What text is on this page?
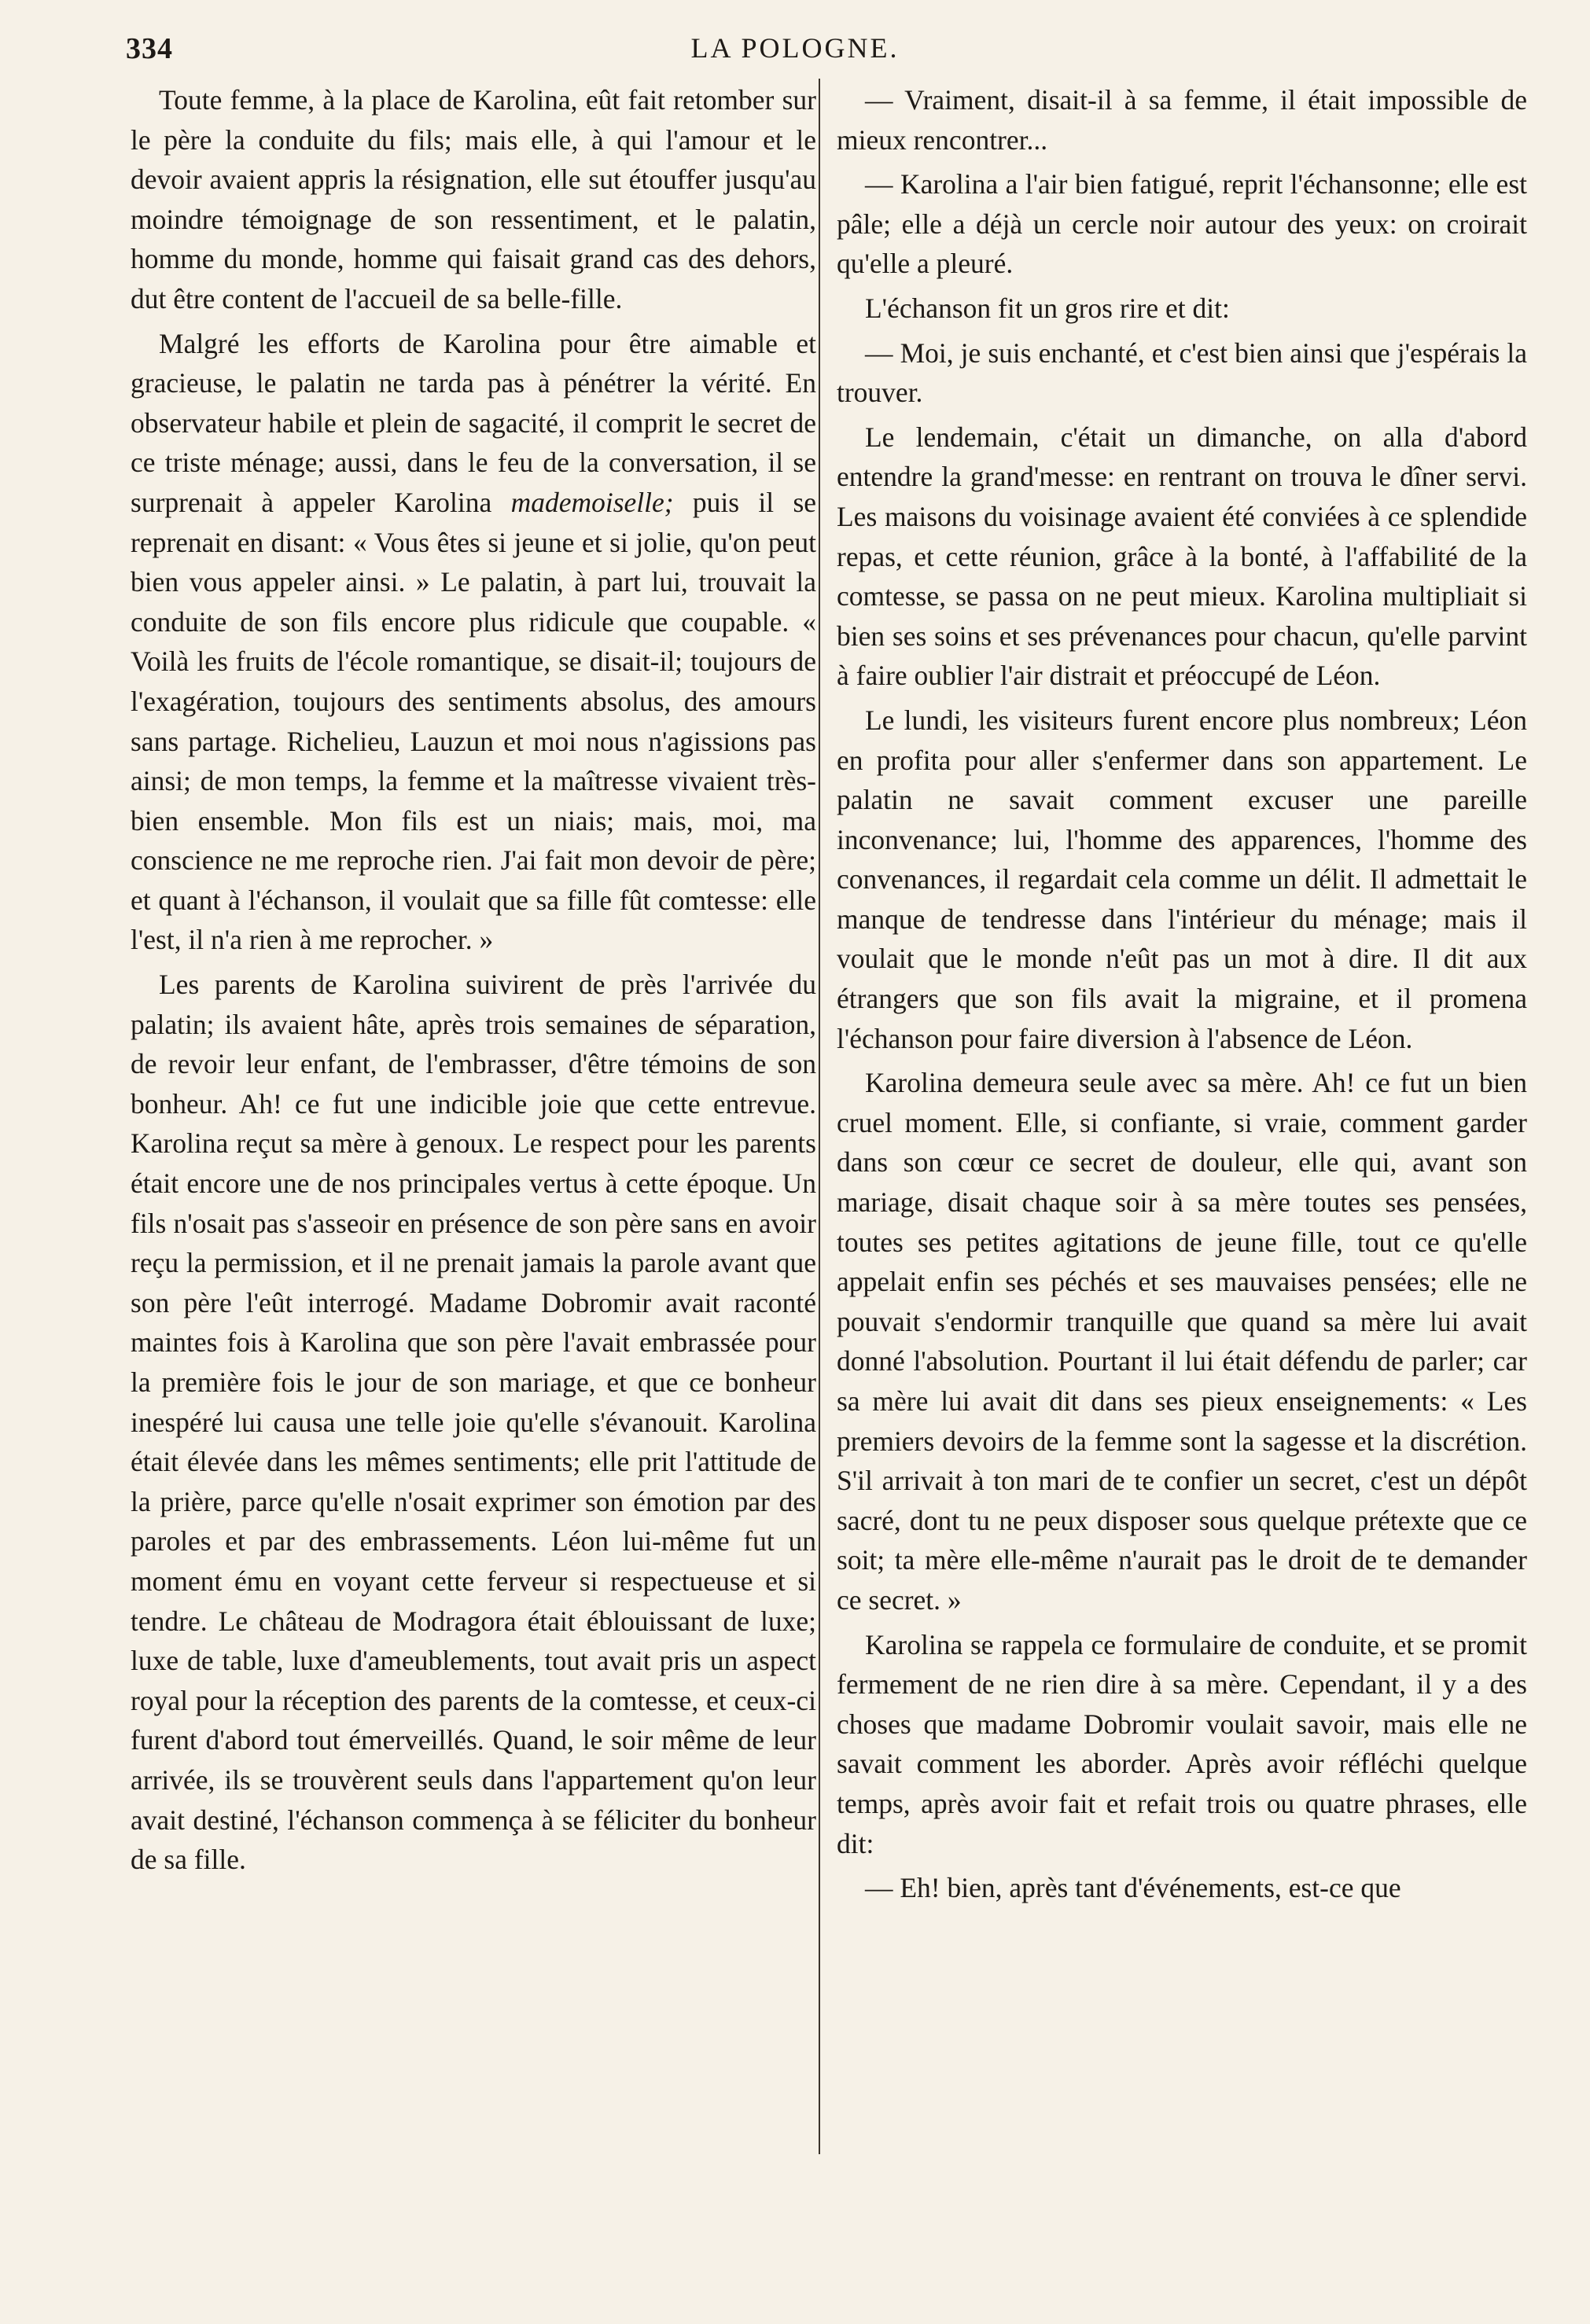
334	LA POLOGNE.

Toute femme, à la place de Karolina, eût fait retomber sur le père la conduite du fils; mais elle, à qui l'amour et le devoir avaient appris la résignation, elle sut étouffer jusqu'au moindre témoignage de son ressentiment, et le palatin, homme du monde, homme qui faisait grand cas des dehors, dut être content de l'accueil de sa belle-fille.

Malgré les efforts de Karolina pour être aimable et gracieuse, le palatin ne tarda pas à pénétrer la vérité. En observateur habile et plein de sagacité, il comprit le secret de ce triste ménage; aussi, dans le feu de la conversation, il se surprenait à appeler Karolina mademoiselle; puis il se reprenait en disant: « Vous êtes si jeune et si jolie, qu'on peut bien vous appeler ainsi. » Le palatin, à part lui, trouvait la conduite de son fils encore plus ridicule que coupable. « Voilà les fruits de l'école romantique, se disait-il; toujours de l'exagération, toujours des sentiments absolus, des amours sans partage. Richelieu, Lauzun et moi nous n'agissions pas ainsi; de mon temps, la femme et la maîtresse vivaient très-bien ensemble. Mon fils est un niais; mais, moi, ma conscience ne me reproche rien. J'ai fait mon devoir de père; et quant à l'échanson, il voulait que sa fille fût comtesse: elle l'est, il n'a rien à me reprocher. »

Les parents de Karolina suivirent de près l'arrivée du palatin; ils avaient hâte, après trois semaines de séparation, de revoir leur enfant, de l'embrasser, d'être témoins de son bonheur. Ah! ce fut une indicible joie que cette entrevue. Karolina reçut sa mère à genoux. Le respect pour les parents était encore une de nos principales vertus à cette époque. Un fils n'osait pas s'asseoir en présence de son père sans en avoir reçu la permission, et il ne prenait jamais la parole avant que son père l'eût interrogé. Madame Dobromir avait raconté maintes fois à Karolina que son père l'avait embrassée pour la première fois le jour de son mariage, et que ce bonheur inespéré lui causa une telle joie qu'elle s'évanouit. Karolina était élevée dans les mêmes sentiments; elle prit l'attitude de la prière, parce qu'elle n'osait exprimer son émotion par des paroles et par des embrassements. Léon lui-même fut un moment ému en voyant cette ferveur si respectueuse et si tendre. Le château de Modragora était éblouissant de luxe; luxe de table, luxe d'ameublements, tout avait pris un aspect royal pour la réception des parents de la comtesse, et ceux-ci furent d'abord tout émerveillés. Quand, le soir même de leur arrivée, ils se trouvèrent seuls dans l'appartement qu'on leur avait destiné, l'échanson commença à se féliciter du bonheur de sa fille.

— Vraiment, disait-il à sa femme, il était impossible de mieux rencontrer...

— Karolina a l'air bien fatigué, reprit l'échansonne; elle est pâle; elle a déjà un cercle noir autour des yeux: on croirait qu'elle a pleuré.

L'échanson fit un gros rire et dit:

— Moi, je suis enchanté, et c'est bien ainsi que j'espérais la trouver.

Le lendemain, c'était un dimanche, on alla d'abord entendre la grand'messe: en rentrant on trouva le dîner servi. Les maisons du voisinage avaient été conviées à ce splendide repas, et cette réunion, grâce à la bonté, à l'affabilité de la comtesse, se passa on ne peut mieux. Karolina multipliait si bien ses soins et ses prévenances pour chacun, qu'elle parvint à faire oublier l'air distrait et préoccupé de Léon.

Le lundi, les visiteurs furent encore plus nombreux; Léon en profita pour aller s'enfermer dans son appartement. Le palatin ne savait comment excuser une pareille inconvenance; lui, l'homme des apparences, l'homme des convenances, il regardait cela comme un délit. Il admettait le manque de tendresse dans l'intérieur du ménage; mais il voulait que le monde n'eût pas un mot à dire. Il dit aux étrangers que son fils avait la migraine, et il promena l'échanson pour faire diversion à l'absence de Léon.

Karolina demeura seule avec sa mère. Ah! ce fut un bien cruel moment. Elle, si confiante, si vraie, comment garder dans son cœur ce secret de douleur, elle qui, avant son mariage, disait chaque soir à sa mère toutes ses pensées, toutes ses petites agitations de jeune fille, tout ce qu'elle appelait enfin ses péchés et ses mauvaises pensées; elle ne pouvait s'endormir tranquille que quand sa mère lui avait donné l'absolution. Pourtant il lui était défendu de parler; car sa mère lui avait dit dans ses pieux enseignements: « Les premiers devoirs de la femme sont la sagesse et la discrétion. S'il arrivait à ton mari de te confier un secret, c'est un dépôt sacré, dont tu ne peux disposer sous quelque prétexte que ce soit; ta mère elle-même n'aurait pas le droit de te demander ce secret. »

Karolina se rappela ce formulaire de conduite, et se promit fermement de ne rien dire à sa mère. Cependant, il y a des choses que madame Dobromir voulait savoir, mais elle ne savait comment les aborder. Après avoir réfléchi quelque temps, après avoir fait et refait trois ou quatre phrases, elle dit:

— Eh! bien, après tant d'événements, est-ce que
